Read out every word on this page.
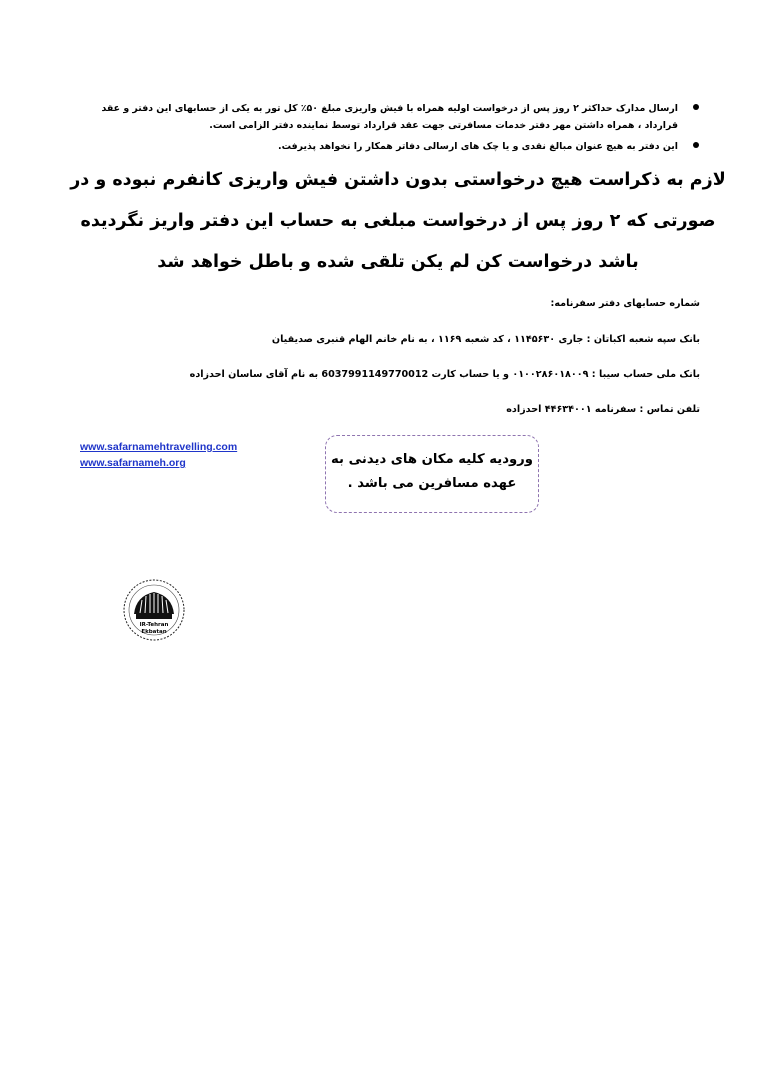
ارسال مدارک حداکثر ۲ روز پس از درخواست اولیه همراه با فیش واریزی مبلغ ۵۰٪ کل تور به یکی از حسابهای این دفتر و عقد قرارداد ، همراه داشتن مهر دفتر خدمات مسافرتی جهت عقد قرارداد توسط نماینده دفتر الزامی است.
این دفتر به هیچ عنوان مبالغ نقدی و یا چک های ارسالی دفاتر همکار را نخواهد پذیرفت.
لازم به ذکراست هیچ درخواستی بدون داشتن فیش واریزی کانفرم نبوده و در صورتی که ۲ روز پس از درخواست مبلغی به حساب این دفتر واریز نگردیده باشد درخواست کن لم یکن تلقی شده و باطل خواهد شد
شماره حسابهای دفتر سفرنامه:
بانک سپه شعبه اکباتان : جاری ۱۱۴۵۶۳۰ ، کد شعبه ۱۱۶۹ ، به نام خانم الهام قنبری صدیقیان
بانک ملی حساب سیبا : ۰۱۰۰۲۸۶۰۱۸۰۰۹ و یا حساب کارت 6037991149770012 به نام آقای ساسان احدزاده
تلفن تماس : سفرنامه ۴۴۶۳۴۰۰۱ احدزاده
www.safarnamehtravelling.com
www.safarnameh.org	ورودیه کلیه مکان های دیدنی به
عهده مسافرین می باشد .
IR-Tehran
Ekbatan
